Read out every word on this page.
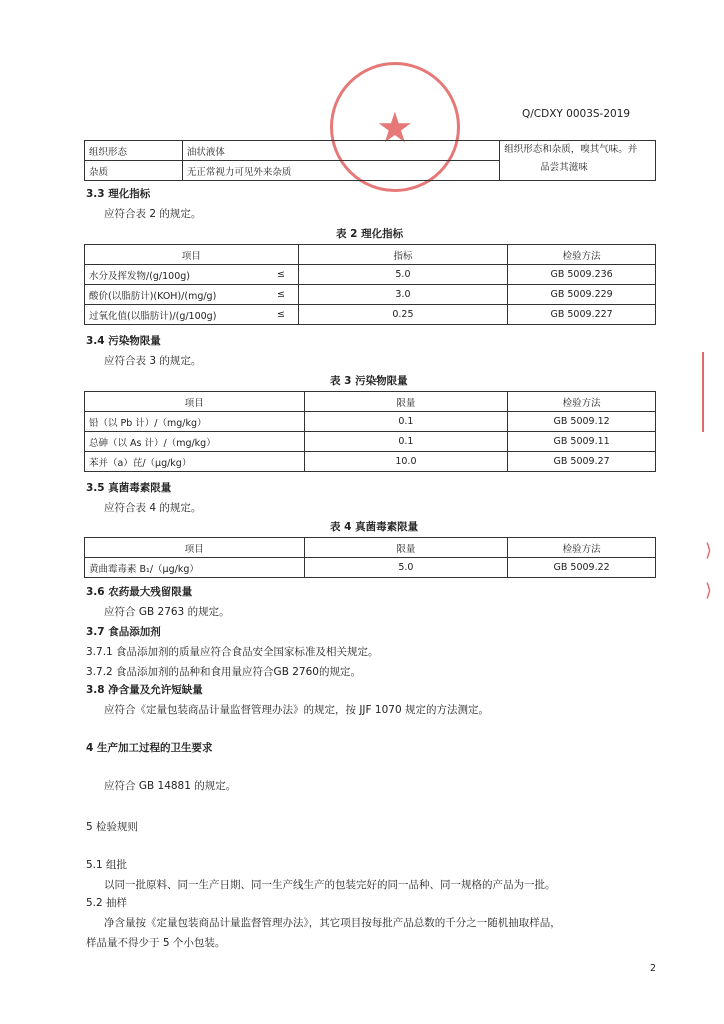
Q/CDXY 0003S-2019
★
组织形态	油状液体	组织形态和杂质，嗅其气味。并
品尝其滋味

杂质	无正常视力可见外来杂质	
3.3 理化指标
应符合表 2 的规定。
表 2 理化指标
项目		指标	检验方法
水分及挥发物/(g/100g)	≤	5.0	GB 5009.236
酸价(以脂肪计)(KOH)/(mg/g)	≤	3.0	GB 5009.229
过氧化值(以脂肪计)/(g/100g)	≤	0.25	GB 5009.227
3.4 污染物限量
应符合表 3 的规定。
表 3 污染物限量
项目	限量	检验方法
铅（以 Pb 计）/（mg/kg）	0.1	GB 5009.12
总砷（以 As 计）/（mg/kg）	0.1	GB 5009.11
苯并（a）芘/（μg/kg）	10.0	GB 5009.27
3.5 真菌毒素限量
应符合表 4 的规定。
表 4 真菌毒素限量
项目	限量	检验方法
黄曲霉毒素 B₁/（μg/kg）	5.0	GB 5009.22
3.6 农药最大残留限量
应符合 GB 2763 的规定。
3.7 食品添加剂
3.7.1 食品添加剂的质量应符合食品安全国家标准及相关规定。
3.7.2 食品添加剂的品种和食用量应符合GB 2760的规定。
3.8 净含量及允许短缺量
应符合《定量包装商品计量监督管理办法》的规定，按 JJF 1070 规定的方法测定。
4 生产加工过程的卫生要求
应符合 GB 14881 的规定。
5 检验规则
5.1 组批
以同一批原料、同一生产日期、同一生产线生产的包装完好的同一品种、同一规格的产品为一批。
5.2 抽样
净含量按《定量包装商品计量监督管理办法》，其它项目按每批产品总数的千分之一随机抽取样品，
样品量不得少于 5 个小包装。
2
⟩
⟩
